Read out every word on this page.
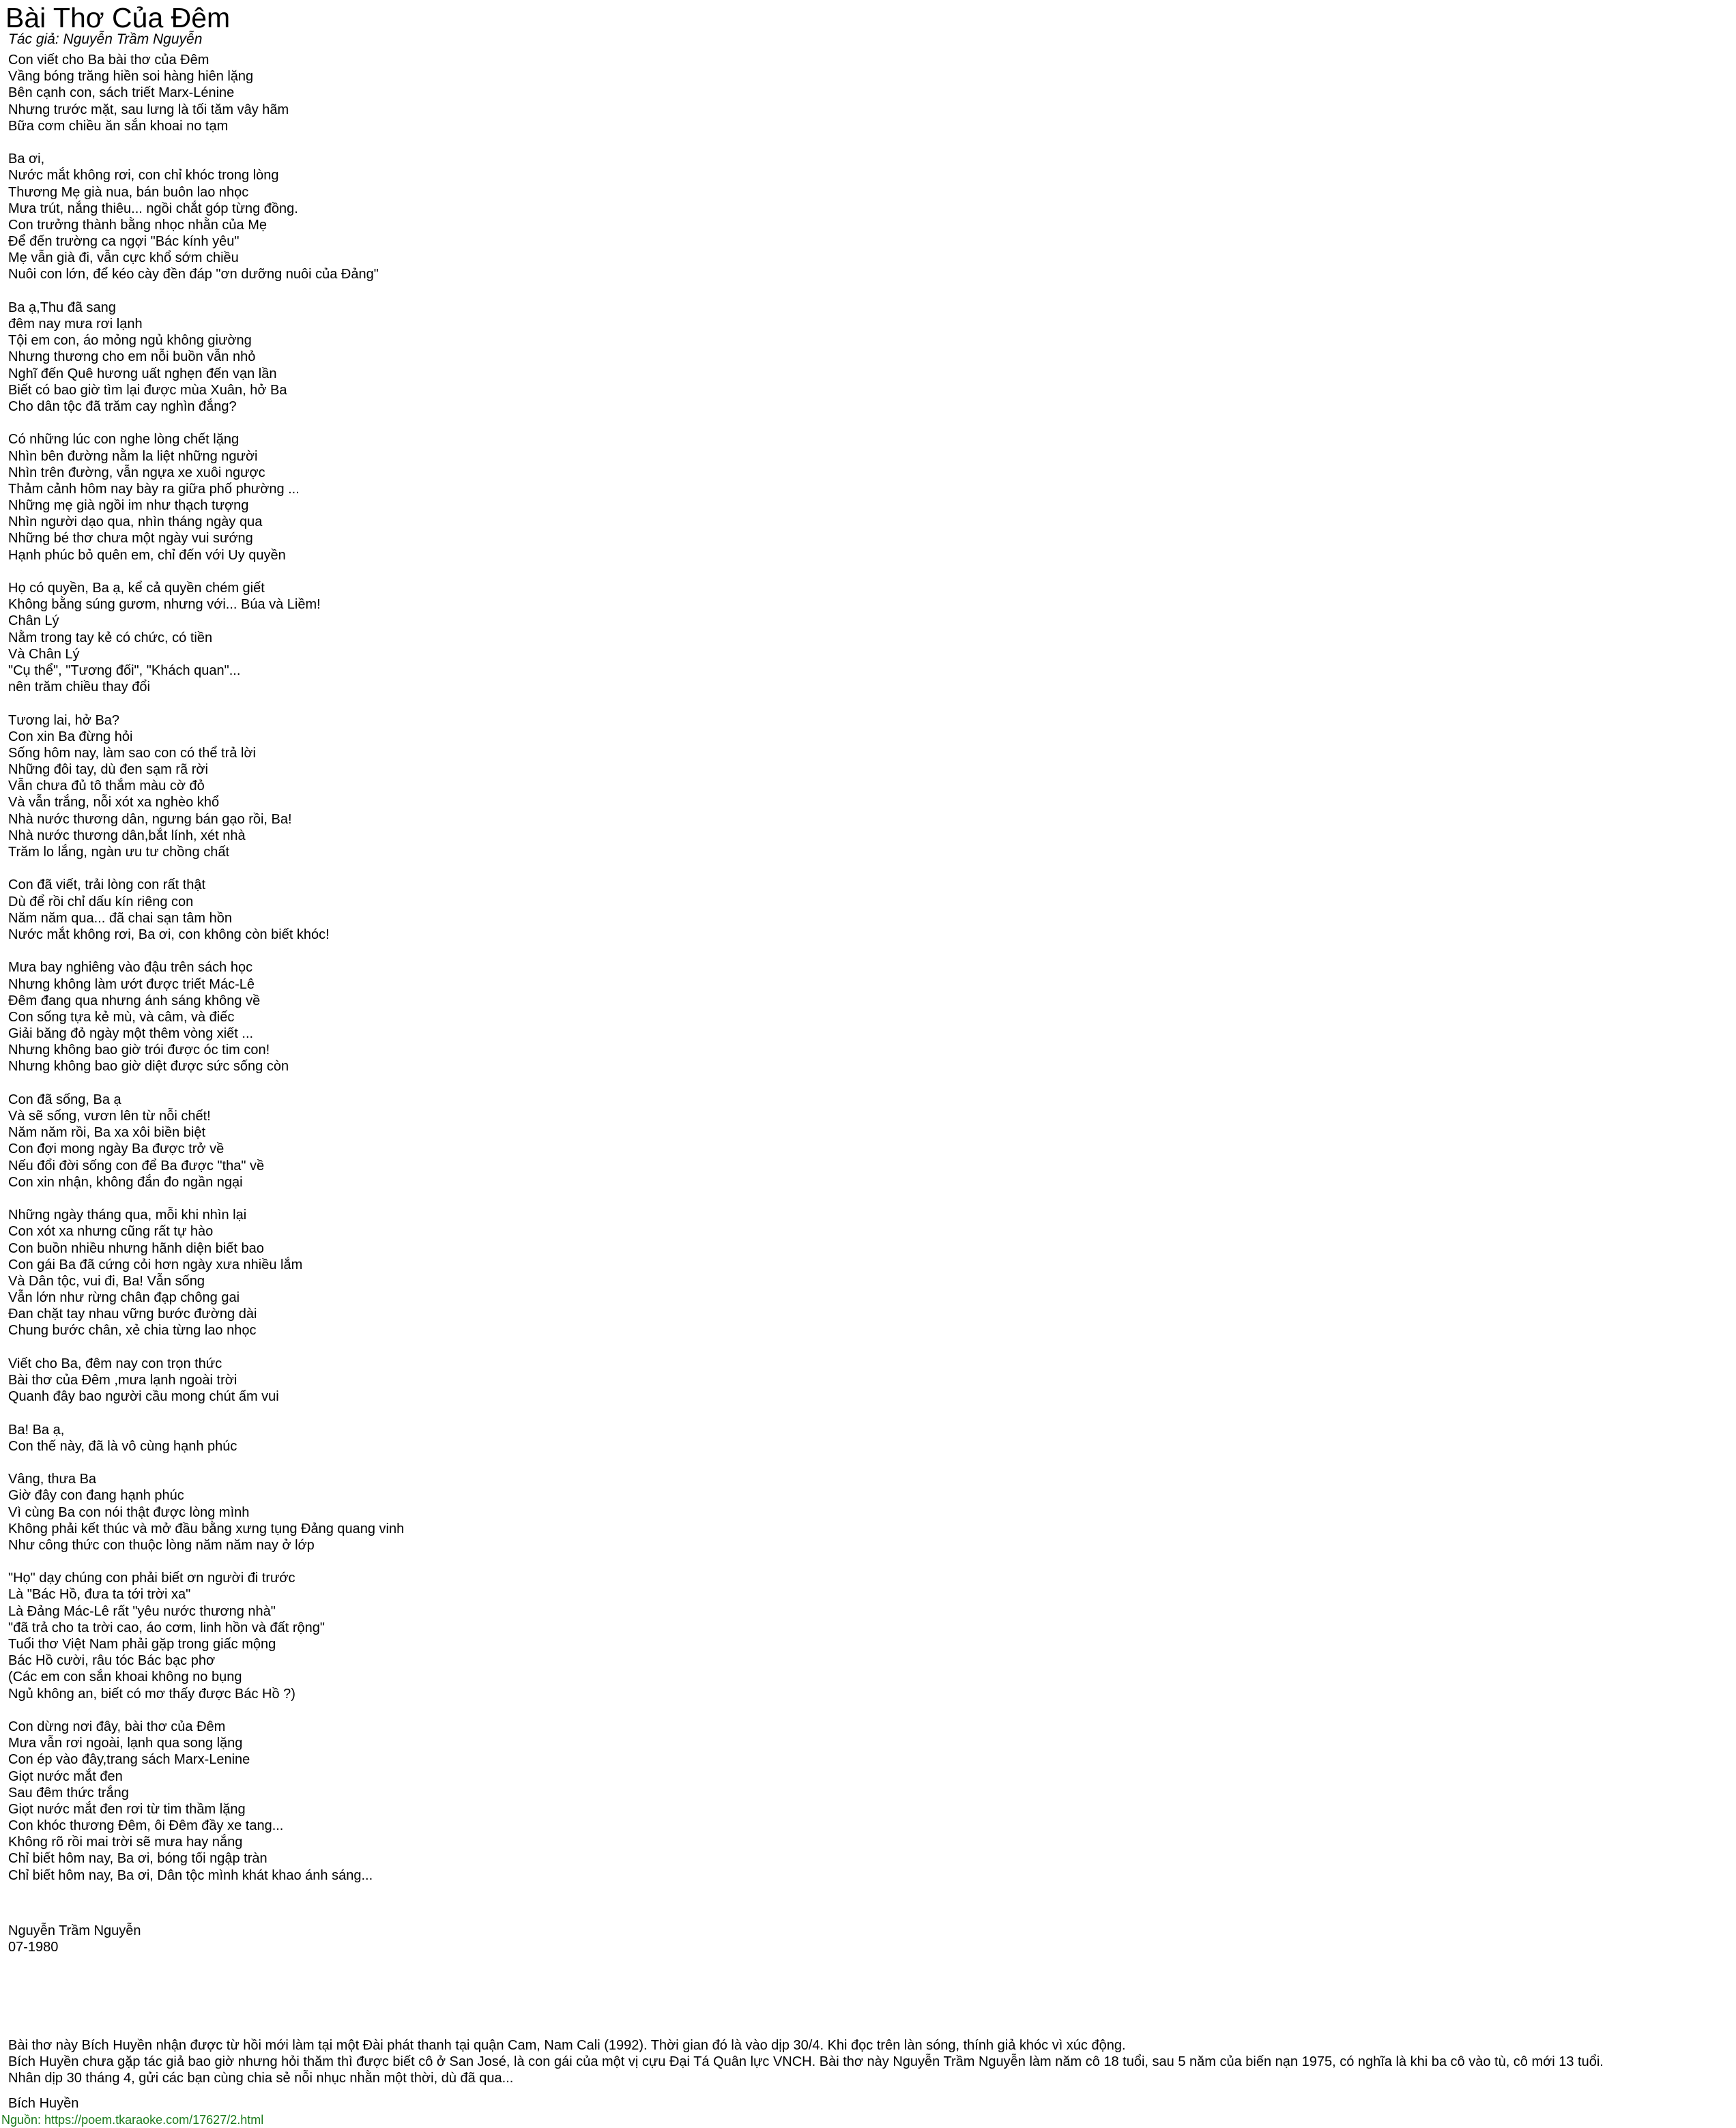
Bài Thơ Của Đêm
Tác giả: Nguyễn Trầm Nguyễn
Con viết cho Ba bài thơ của Đêm
Vầng bóng trăng hiền soi hàng hiên lặng
Bên cạnh con, sách triết Marx-Lénine
Nhưng trước mặt, sau lưng là tối tăm vây hãm
Bữa cơm chiều ăn sắn khoai no tạm
Ba ơi,
Nước mắt không rơi, con chỉ khóc trong lòng
Thương Mẹ già nua, bán buôn lao nhọc
Mưa trút, nắng thiêu... ngồi chắt góp từng đồng.
Con trưởng thành bằng nhọc nhằn của Mẹ
Để đến trường ca ngợi "Bác kính yêu"
Mẹ vẫn già đi, vẫn cực khổ sớm chiều
Nuôi con lớn, để kéo cày đền đáp "ơn dưỡng nuôi của Đảng"
Ba ạ,Thu đã sang
đêm nay mưa rơi lạnh
Tội em con, áo mỏng ngủ không giường
Nhưng thương cho em nỗi buồn vẫn nhỏ
Nghĩ đến Quê hương uất nghẹn đến vạn lần
Biết có bao giờ tìm lại được mùa Xuân, hở Ba
Cho dân tộc đã trăm cay nghìn đắng?
Có những lúc con nghe lòng chết lặng
Nhìn bên đường nằm la liệt những người
Nhìn trên đường, vẫn ngựa xe xuôi ngược
Thảm cảnh hôm nay bày ra giữa phố phường ...
Những mẹ già ngồi im như thạch tượng
Nhìn người dạo qua, nhìn tháng ngày qua
Những bé thơ chưa một ngày vui sướng
Hạnh phúc bỏ quên em, chỉ đến với Uy quyền
Họ có quyền, Ba ạ, kể cả quyền chém giết
Không bằng súng gươm, nhưng với... Búa và Liềm!
Chân Lý
Nằm trong tay kẻ có chức, có tiền
Và Chân Lý
"Cụ thể", "Tương đối", "Khách quan"...
nên trăm chiều thay đổi
Tương lai, hở Ba?
Con xin Ba đừng hỏi
Sống hôm nay, làm sao con có thể trả lời
Những đôi tay, dù đen sạm rã rời
Vẫn chưa đủ tô thắm màu cờ đỏ
Và vẫn trắng, nỗi xót xa nghèo khổ
Nhà nước thương dân, ngưng bán gạo rồi, Ba!
Nhà nước thương dân,bắt lính, xét nhà
Trăm lo lắng, ngàn ưu tư chồng chất
Con đã viết, trải lòng con rất thật
Dù để rồi chỉ dấu kín riêng con
Năm năm qua... đã chai sạn tâm hồn
Nước mắt không rơi, Ba ơi, con không còn biết khóc!
Mưa bay nghiêng vào đậu trên sách học
Nhưng không làm ướt được triết Mác-Lê
Đêm đang qua nhưng ánh sáng không về
Con sống tựa kẻ mù, và câm, và điếc
Giải băng đỏ ngày một thêm vòng xiết ...
Nhưng không bao giờ trói được óc tim con!
Nhưng không bao giờ diệt được sức sống còn
Con đã sống, Ba ạ
Và sẽ sống, vươn lên từ nỗi chết!
Năm năm rồi, Ba xa xôi biền biệt
Con đợi mong ngày Ba được trở về
Nếu đổi đời sống con để Ba được "tha" về
Con xin nhận, không đắn đo ngần ngại
Những ngày tháng qua, mỗi khi nhìn lại
Con xót xa nhưng cũng rất tự hào
Con buồn nhiều nhưng hãnh diện biết bao
Con gái Ba đã cứng cỏi hơn ngày xưa nhiều lắm
Và Dân tộc, vui đi, Ba! Vẫn sống
Vẫn lớn như rừng chân đạp chông gai
Đan chặt tay nhau vững bước đường dài
Chung bước chân, xẻ chia từng lao nhọc
Viết cho Ba, đêm nay con trọn thức
Bài thơ của Đêm ,mưa lạnh ngoài trời
Quanh đây bao người cầu mong chút ấm vui
Ba! Ba ạ,
Con thế này, đã là vô cùng hạnh phúc
Vâng, thưa Ba
Giờ đây con đang hạnh phúc
Vì cùng Ba con nói thật được lòng mình
Không phải kết thúc và mở đầu bằng xưng tụng Đảng quang vinh
Như công thức con thuộc lòng năm năm nay ở lớp
"Họ" dạy chúng con phải biết ơn người đi trước
Là "Bác Hồ, đưa ta tới trời xa"
Là Đảng Mác-Lê rất "yêu nước thương nhà"
"đã trả cho ta trời cao, áo cơm, linh hồn và đất rộng"
Tuổi thơ Việt Nam phải gặp trong giấc mộng
Bác Hồ cười, râu tóc Bác bạc phơ
(Các em con sắn khoai không no bụng
Ngủ không an, biết có mơ thấy được Bác Hồ ?)
Con dừng nơi đây, bài thơ của Đêm
Mưa vẫn rơi ngoài, lạnh qua song lặng
Con ép vào đây,trang sách Marx-Lenine
Giọt nước mắt đen
Sau đêm thức trắng
Giọt nước mắt đen rơi từ tim thầm lặng
Con khóc thương Đêm, ôi Đêm đầy xe tang...
Không rõ rồi mai trời sẽ mưa hay nắng
Chỉ biết hôm nay, Ba ơi, bóng tối ngập tràn
Chỉ biết hôm nay, Ba ơi, Dân tộc mình khát khao ánh sáng...
Nguyễn Trầm Nguyễn
07-1980
Bài thơ này Bích Huyền nhận được từ hồi mới làm tại một Đài phát thanh tại quận Cam, Nam Cali (1992). Thời gian đó là vào dịp 30/4. Khi đọc trên làn sóng, thính giả khóc vì xúc động.
Bích Huyền chưa gặp tác giả bao giờ nhưng hỏi thăm thì được biết cô ở San José, là con gái của một vị cựu Đại Tá Quân lực VNCH. Bài thơ này Nguyễn Trầm Nguyễn làm năm cô 18 tuổi, sau 5 năm của biến nạn 1975, có nghĩa là khi ba cô vào tù, cô mới 13 tuổi.
Nhân dịp 30 tháng 4, gửi các bạn cùng chia sẻ nỗi nhục nhằn một thời, dù đã qua...
Bích Huyền
Nguồn: https://poem.tkaraoke.com/17627/2.html
